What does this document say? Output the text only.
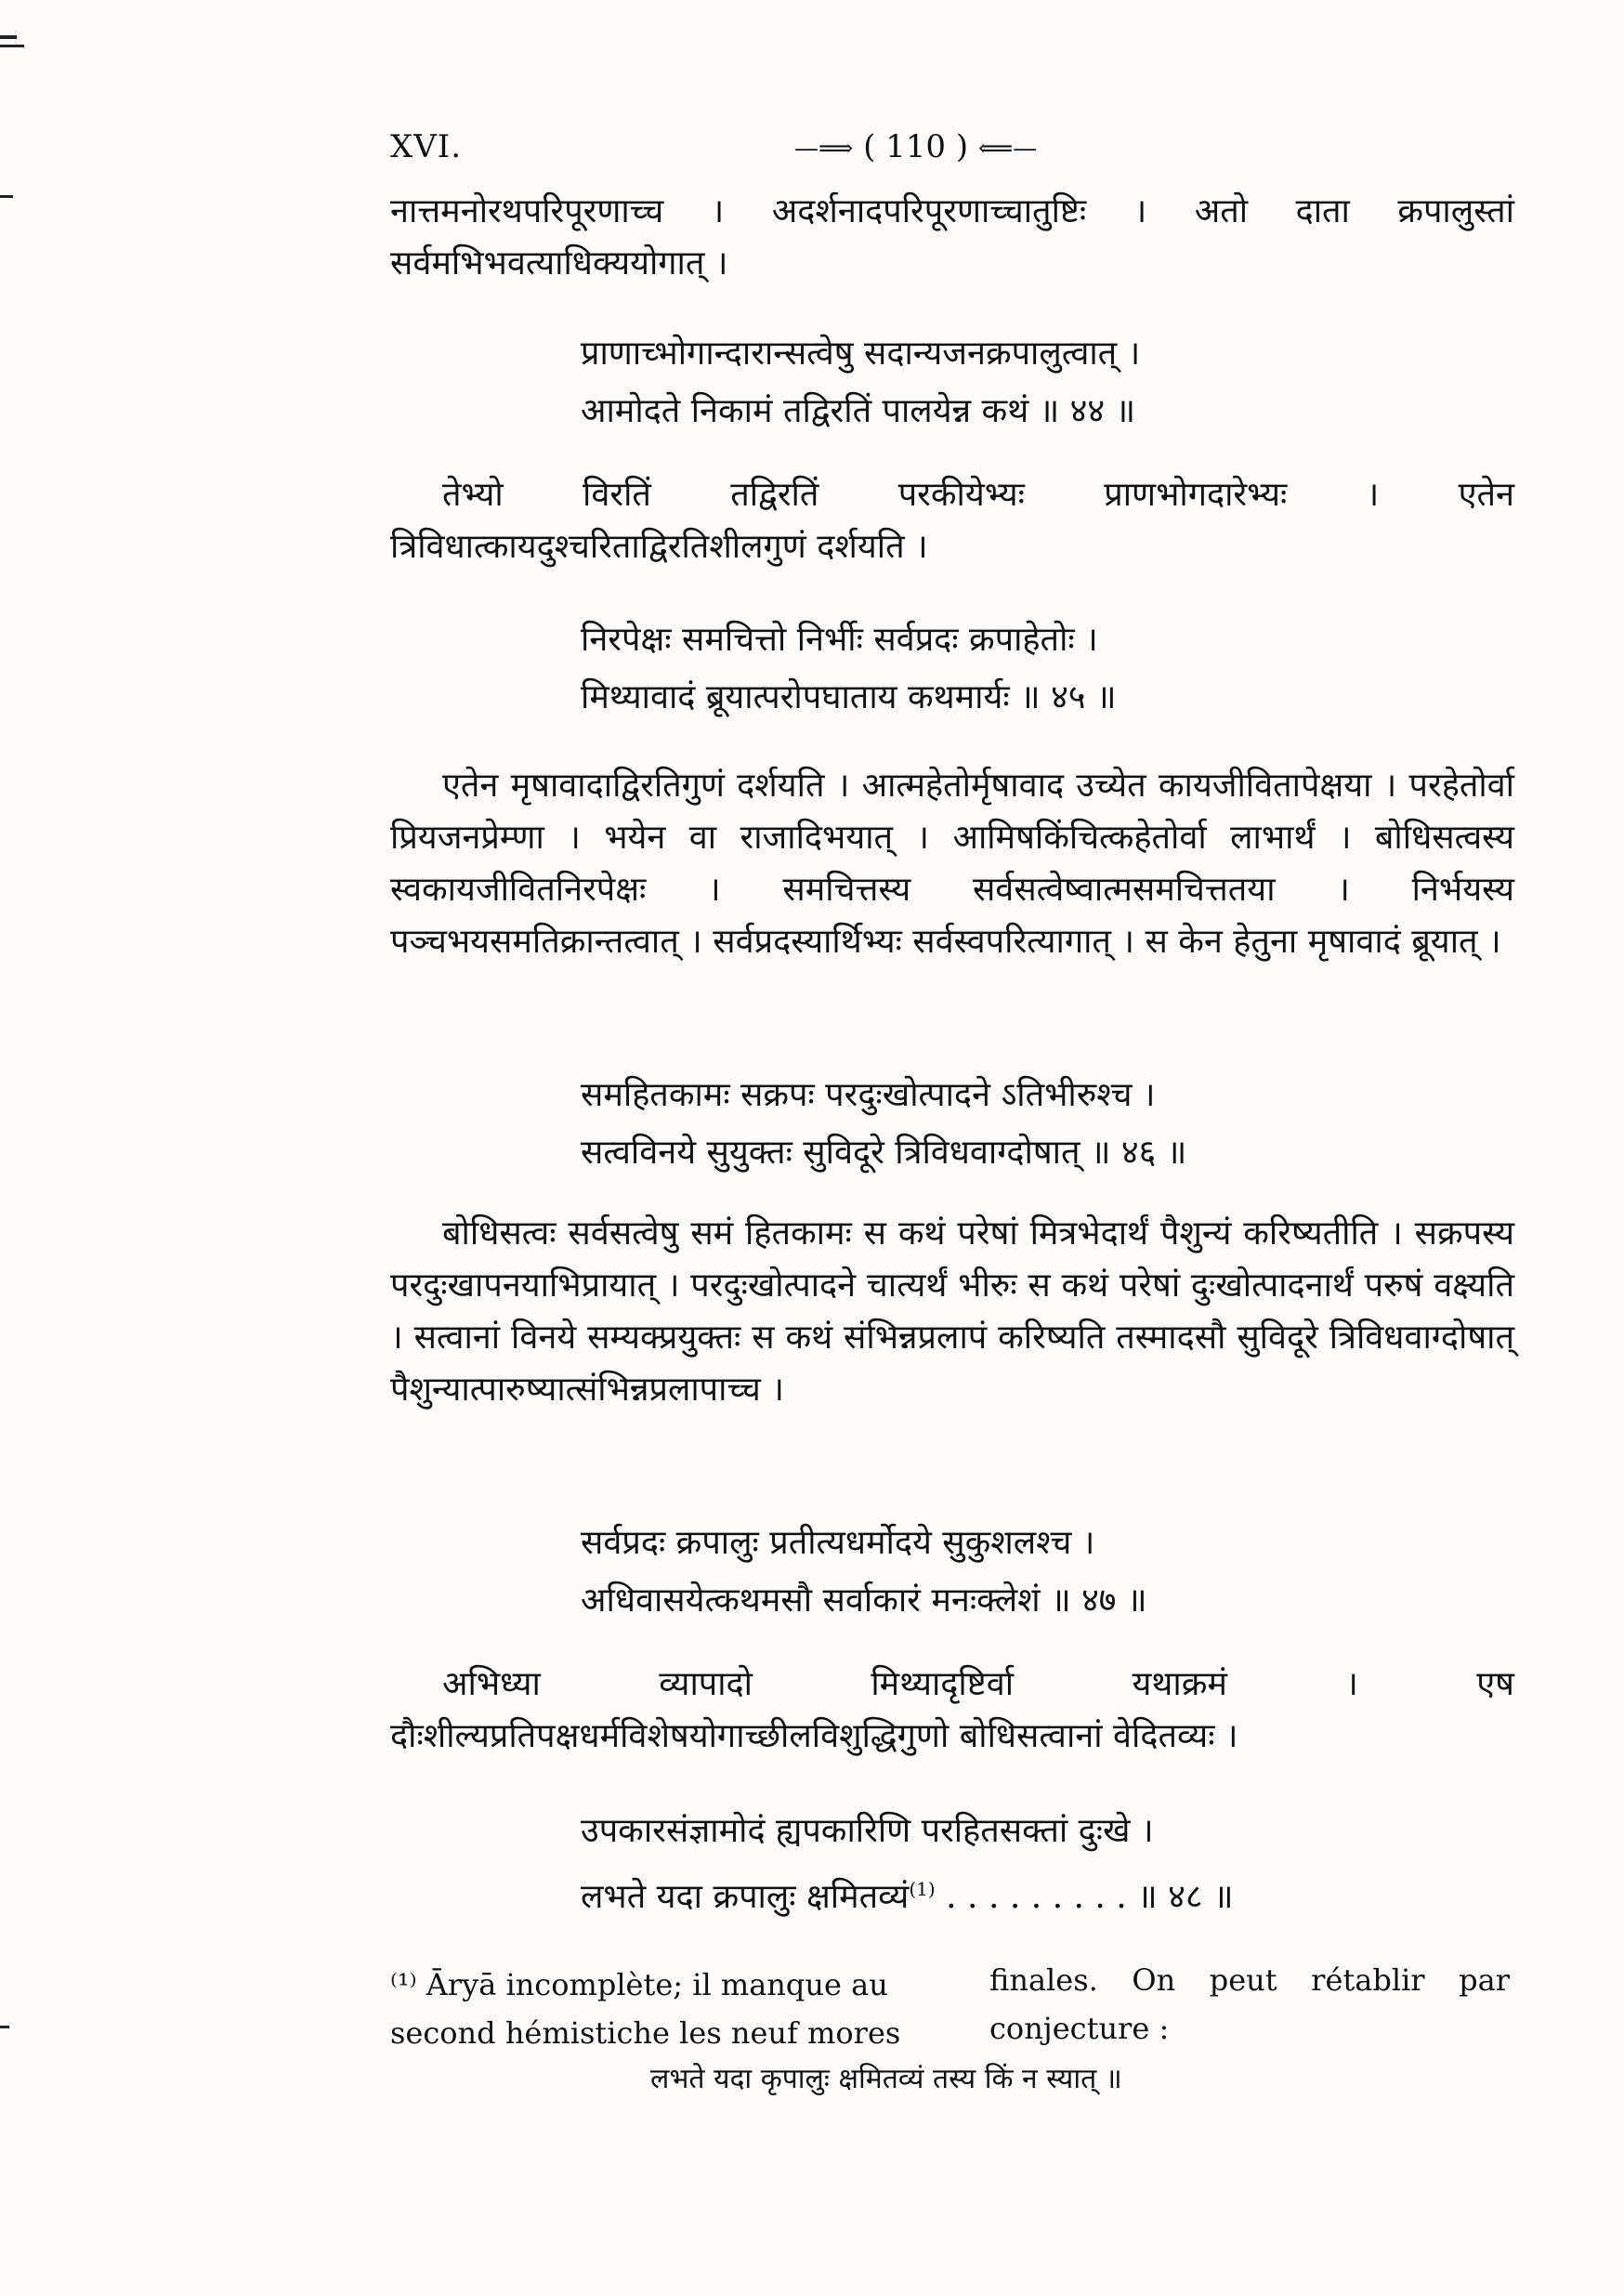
XVI.	—⟹ ( 110 ) ⟸—
नात्तमनोरथपरिपूरणाच्च । अदर्शनादपरिपूरणाच्चातुष्टिः । अतो दाता क्रपालुस्तां सर्वमभिभवत्याधिक्ययोगात् ।
प्राणाच्भोगान्दारान्सत्वेषु सदान्यजनक्रपालुत्वात् ।
आमोदते निकामं तद्विरतिं पालयेन्न कथं ॥ ४४ ॥
तेभ्यो विरतिं तद्विरतिं परकीयेभ्यः प्राणभोगदारेभ्यः । एतेन त्रिविधात्कायदुश्चरिताद्विरतिशीलगुणं दर्शयति ।
निरपेक्षः समचित्तो निर्भीः सर्वप्रदः क्रपाहेतोः ।
मिथ्यावादं ब्रूयात्परोपघाताय कथमार्यः ॥ ४५ ॥
एतेन मृषावादाद्विरतिगुणं दर्शयति । आत्महेतोर्मृषावाद उच्येत कायजीवितापेक्षया । परहेतोर्वा प्रियजनप्रेम्णा । भयेन वा राजादिभयात् । आमिषकिंचित्कहेतोर्वा लाभार्थं । बोधिसत्वस्य स्वकायजीवितनिरपेक्षः । समचित्तस्य सर्वसत्वेष्वात्मसमचित्ततया । निर्भयस्य पञ्चभयसमतिक्रान्तत्वात् । सर्वप्रदस्यार्थिभ्यः सर्वस्वपरित्यागात् । स केन हेतुना मृषावादं ब्रूयात् ।
समहितकामः सक्रपः परदुःखोत्पादने ऽतिभीरुश्च ।
सत्वविनये सुयुक्तः सुविदूरे त्रिविधवाग्दोषात् ॥ ४६ ॥
बोधिसत्वः सर्वसत्वेषु समं हितकामः स कथं परेषां मित्रभेदार्थं पैशुन्यं करिष्यतीति । सक्रपस्य परदुःखापनयाभिप्रायात् । परदुःखोत्पादने चात्यर्थं भीरुः स कथं परेषां दुःखोत्पादनार्थं परुषं वक्ष्यति । सत्वानां विनये सम्यक्प्रयुक्तः स कथं संभिन्नप्रलापं करिष्यति तस्मादसौ सुविदूरे त्रिविधवाग्दोषात् पैशुन्यात्पारुष्यात्संभिन्नप्रलापाच्च ।
सर्वप्रदः क्रपालुः प्रतीत्यधर्मोदये सुकुशलश्च ।
अधिवासयेत्कथमसौ सर्वाकारं मनःक्लेशं ॥ ४७ ॥
अभिध्या व्यापादो मिथ्यादृष्टिर्वा यथाक्रमं । एष दौःशील्यप्रतिपक्षधर्मविशेषयोगाच्छीलविशुद्धिगुणो बोधिसत्वानां वेदितव्यः ।
उपकारसंज्ञामोदं ह्यपकारिणि परहितसक्तां दुःखे ।
लभते यदा क्रपालुः क्षमितव्यं$^{(1)}$ . . . . . . . . . ॥ ४८ ॥
⁽¹⁾ Āryā incomplète; il manque au second hémistiche les neuf mores
finales. On peut rétablir par conjecture :
लभते यदा कृपालुः क्षमितव्यं तस्य किं न स्यात् ॥
